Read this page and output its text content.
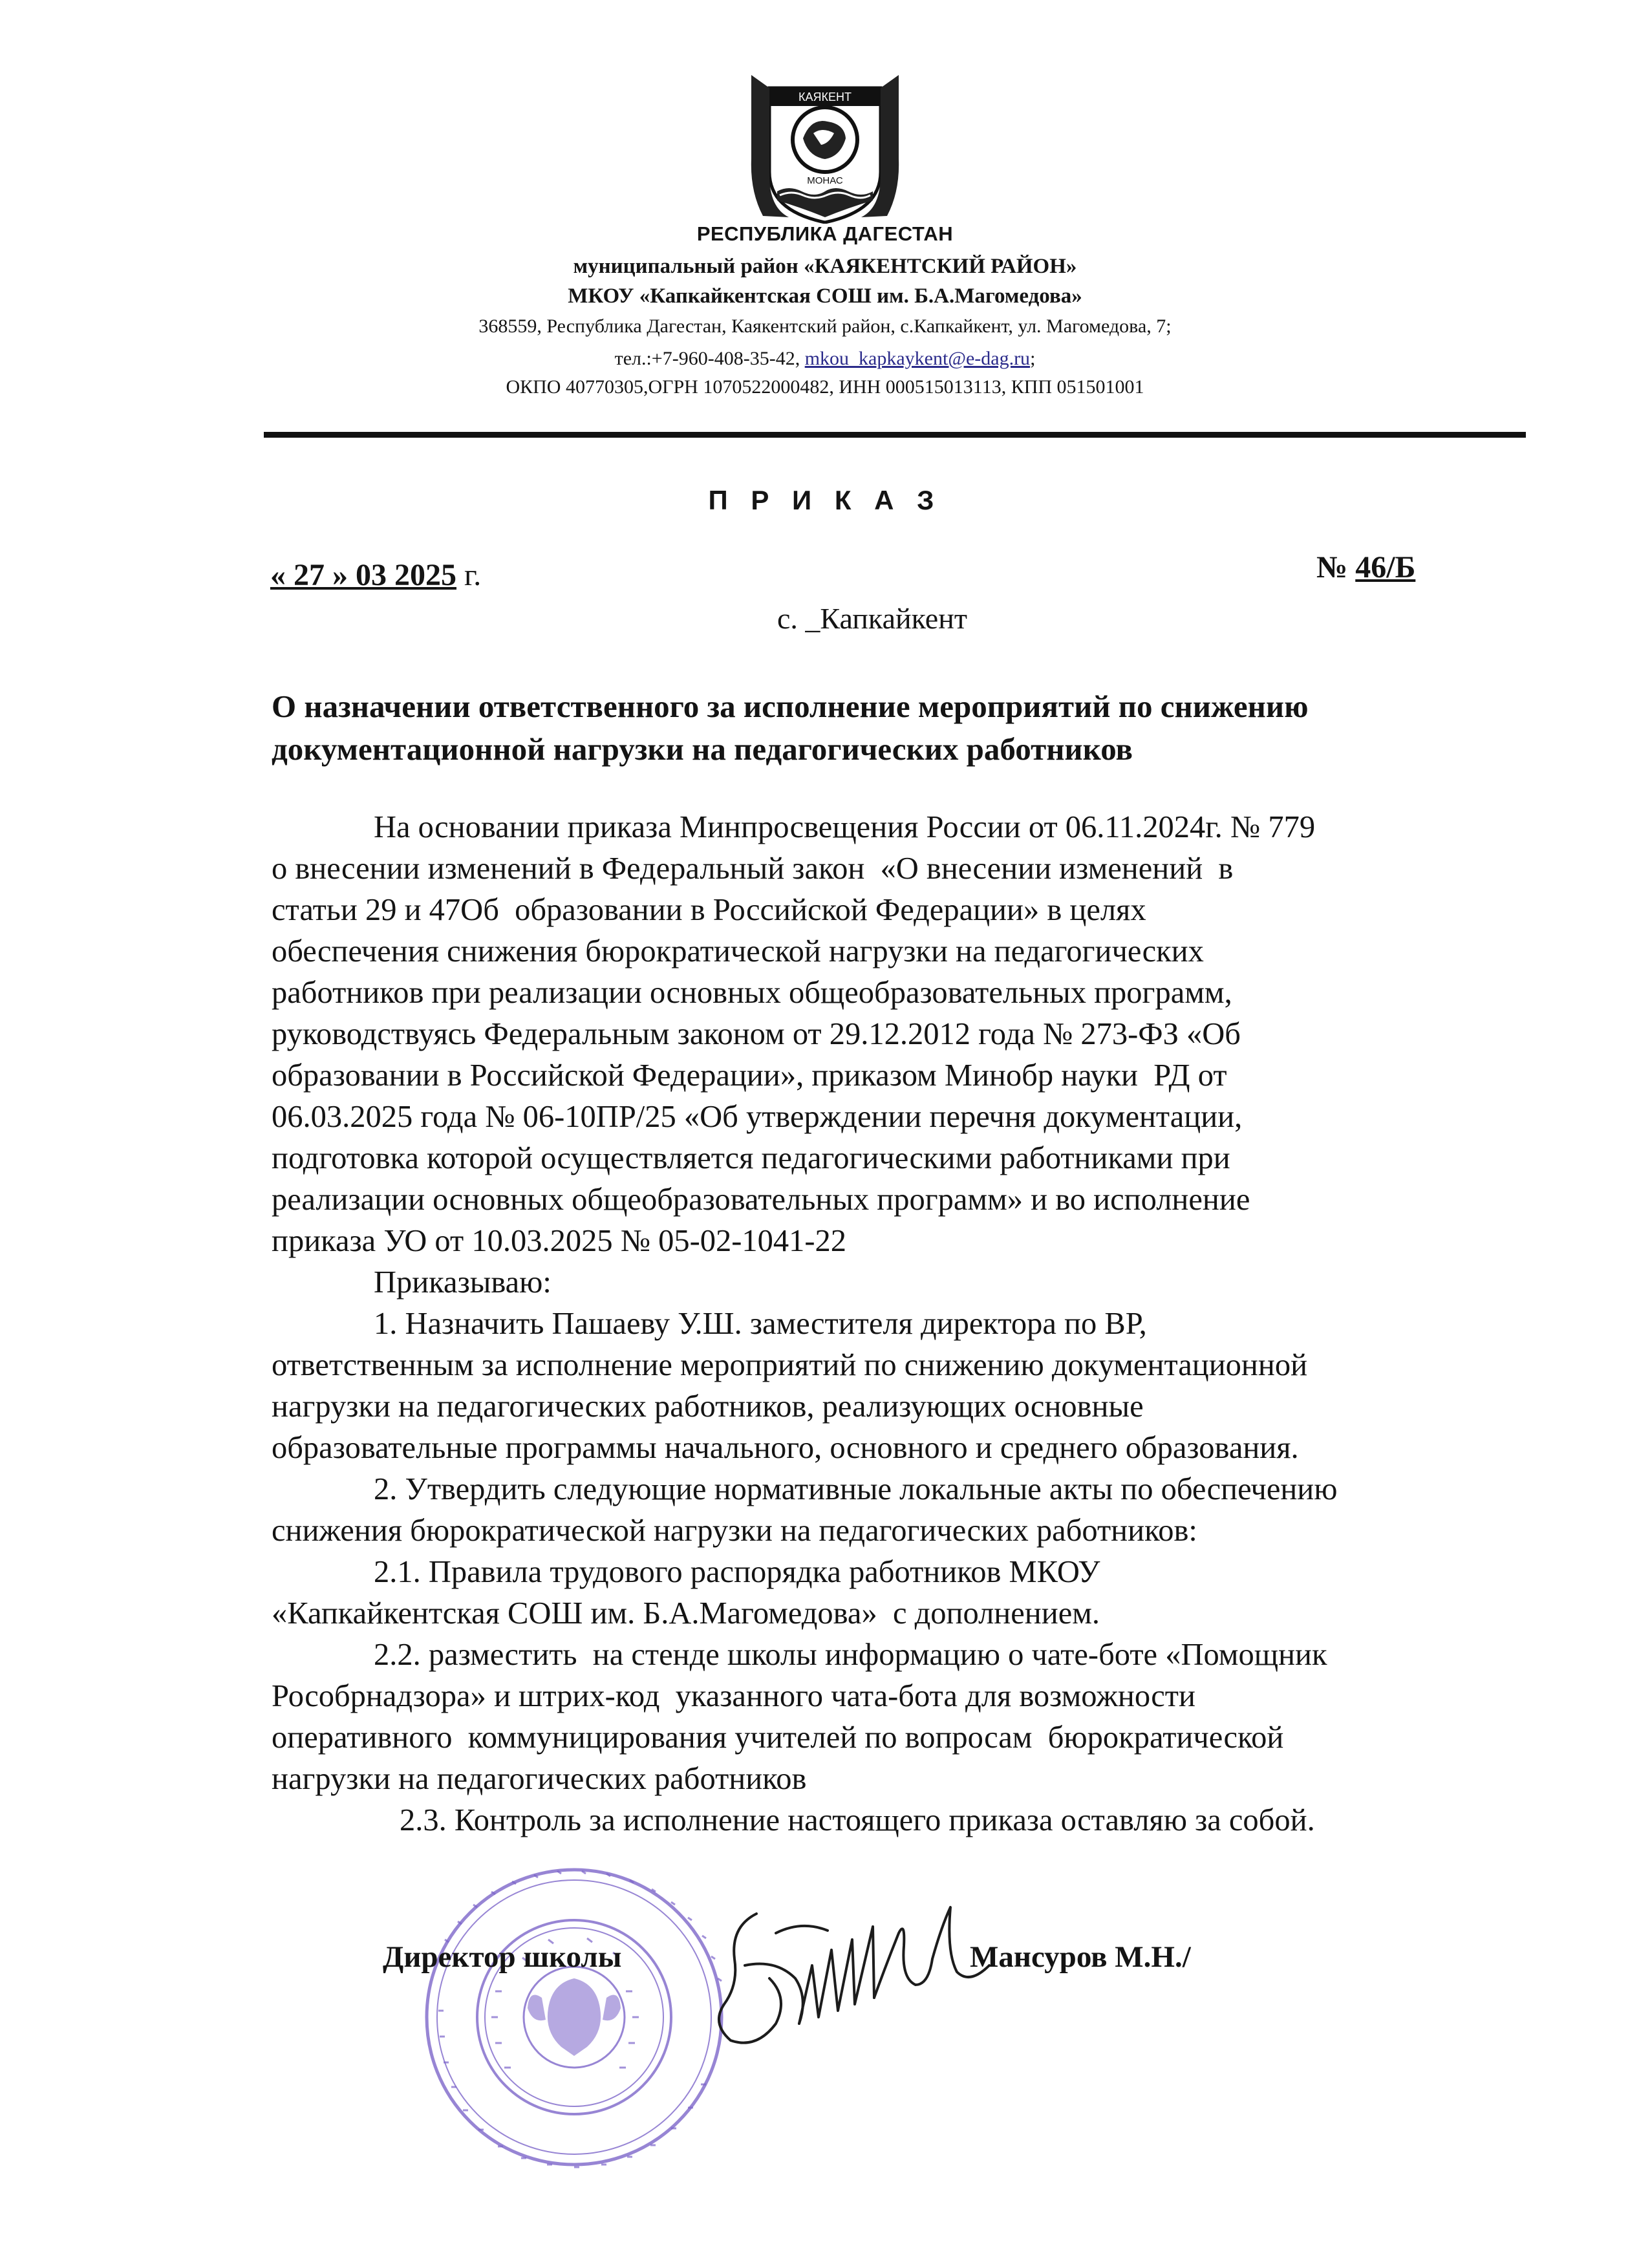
КАЯКЕНТ
МОНАС
РЕСПУБЛИКА ДАГЕСТАН
муниципальный район «КАЯКЕНТСКИЙ РАЙОН»
МКОУ «Капкайкентская СОШ им. Б.А.Магомедова»
368559, Республика Дагестан, Каякентский район, с.Капкайкент, ул. Магомедова, 7;
тел.:+7-960-408-35-42, mkou_kapkaykent@e-dag.ru;
ОКПО 40770305,ОГРН 1070522000482, ИНН 000515013113, КПП 051501001
П Р И К А З
« 27 » 03 2025 г.	№ 46/Б
с. _Капкайкент
О назначении ответственного за исполнение мероприятий по снижению
документационной нагрузки на педагогических работников
На основании приказа Минпросвещения России от 06.11.2024г. № 779
о внесении изменений в Федеральный закон  «О внесении изменений  в
статьи 29 и 47Об  образовании в Российской Федерации» в целях
обеспечения снижения бюрократической нагрузки на педагогических
работников при реализации основных общеобразовательных программ,
руководствуясь Федеральным законом от 29.12.2012 года № 273-ФЗ «Об
образовании в Российской Федерации», приказом Минобр науки  РД от
06.03.2025 года № 06-10ПР/25 «Об утверждении перечня документации,
подготовка которой осуществляется педагогическими работниками при
реализации основных общеобразовательных программ» и во исполнение
приказа УО от 10.03.2025 № 05-02-1041-22
Приказываю:
1. Назначить Пашаеву У.Ш. заместителя директора по ВР,
ответственным за исполнение мероприятий по снижению документационной
нагрузки на педагогических работников, реализующих основные
образовательные программы начального, основного и среднего образования.
2. Утвердить следующие нормативные локальные акты по обеспечению
снижения бюрократической нагрузки на педагогических работников:
2.1. Правила трудового распорядка работников МКОУ
«Капкайкентская СОШ им. Б.А.Магомедова»  с дополнением.
2.2. разместить  на стенде школы информацию о чате-боте «Помощник
Рособрнадзора» и штрих-код  указанного чата-бота для возможности
оперативного  коммуницирования учителей по вопросам  бюрократической
нагрузки на педагогических работников
2.3. Контроль за исполнение настоящего приказа оставляю за собой.
Директор школы	Мансуров М.Н./
